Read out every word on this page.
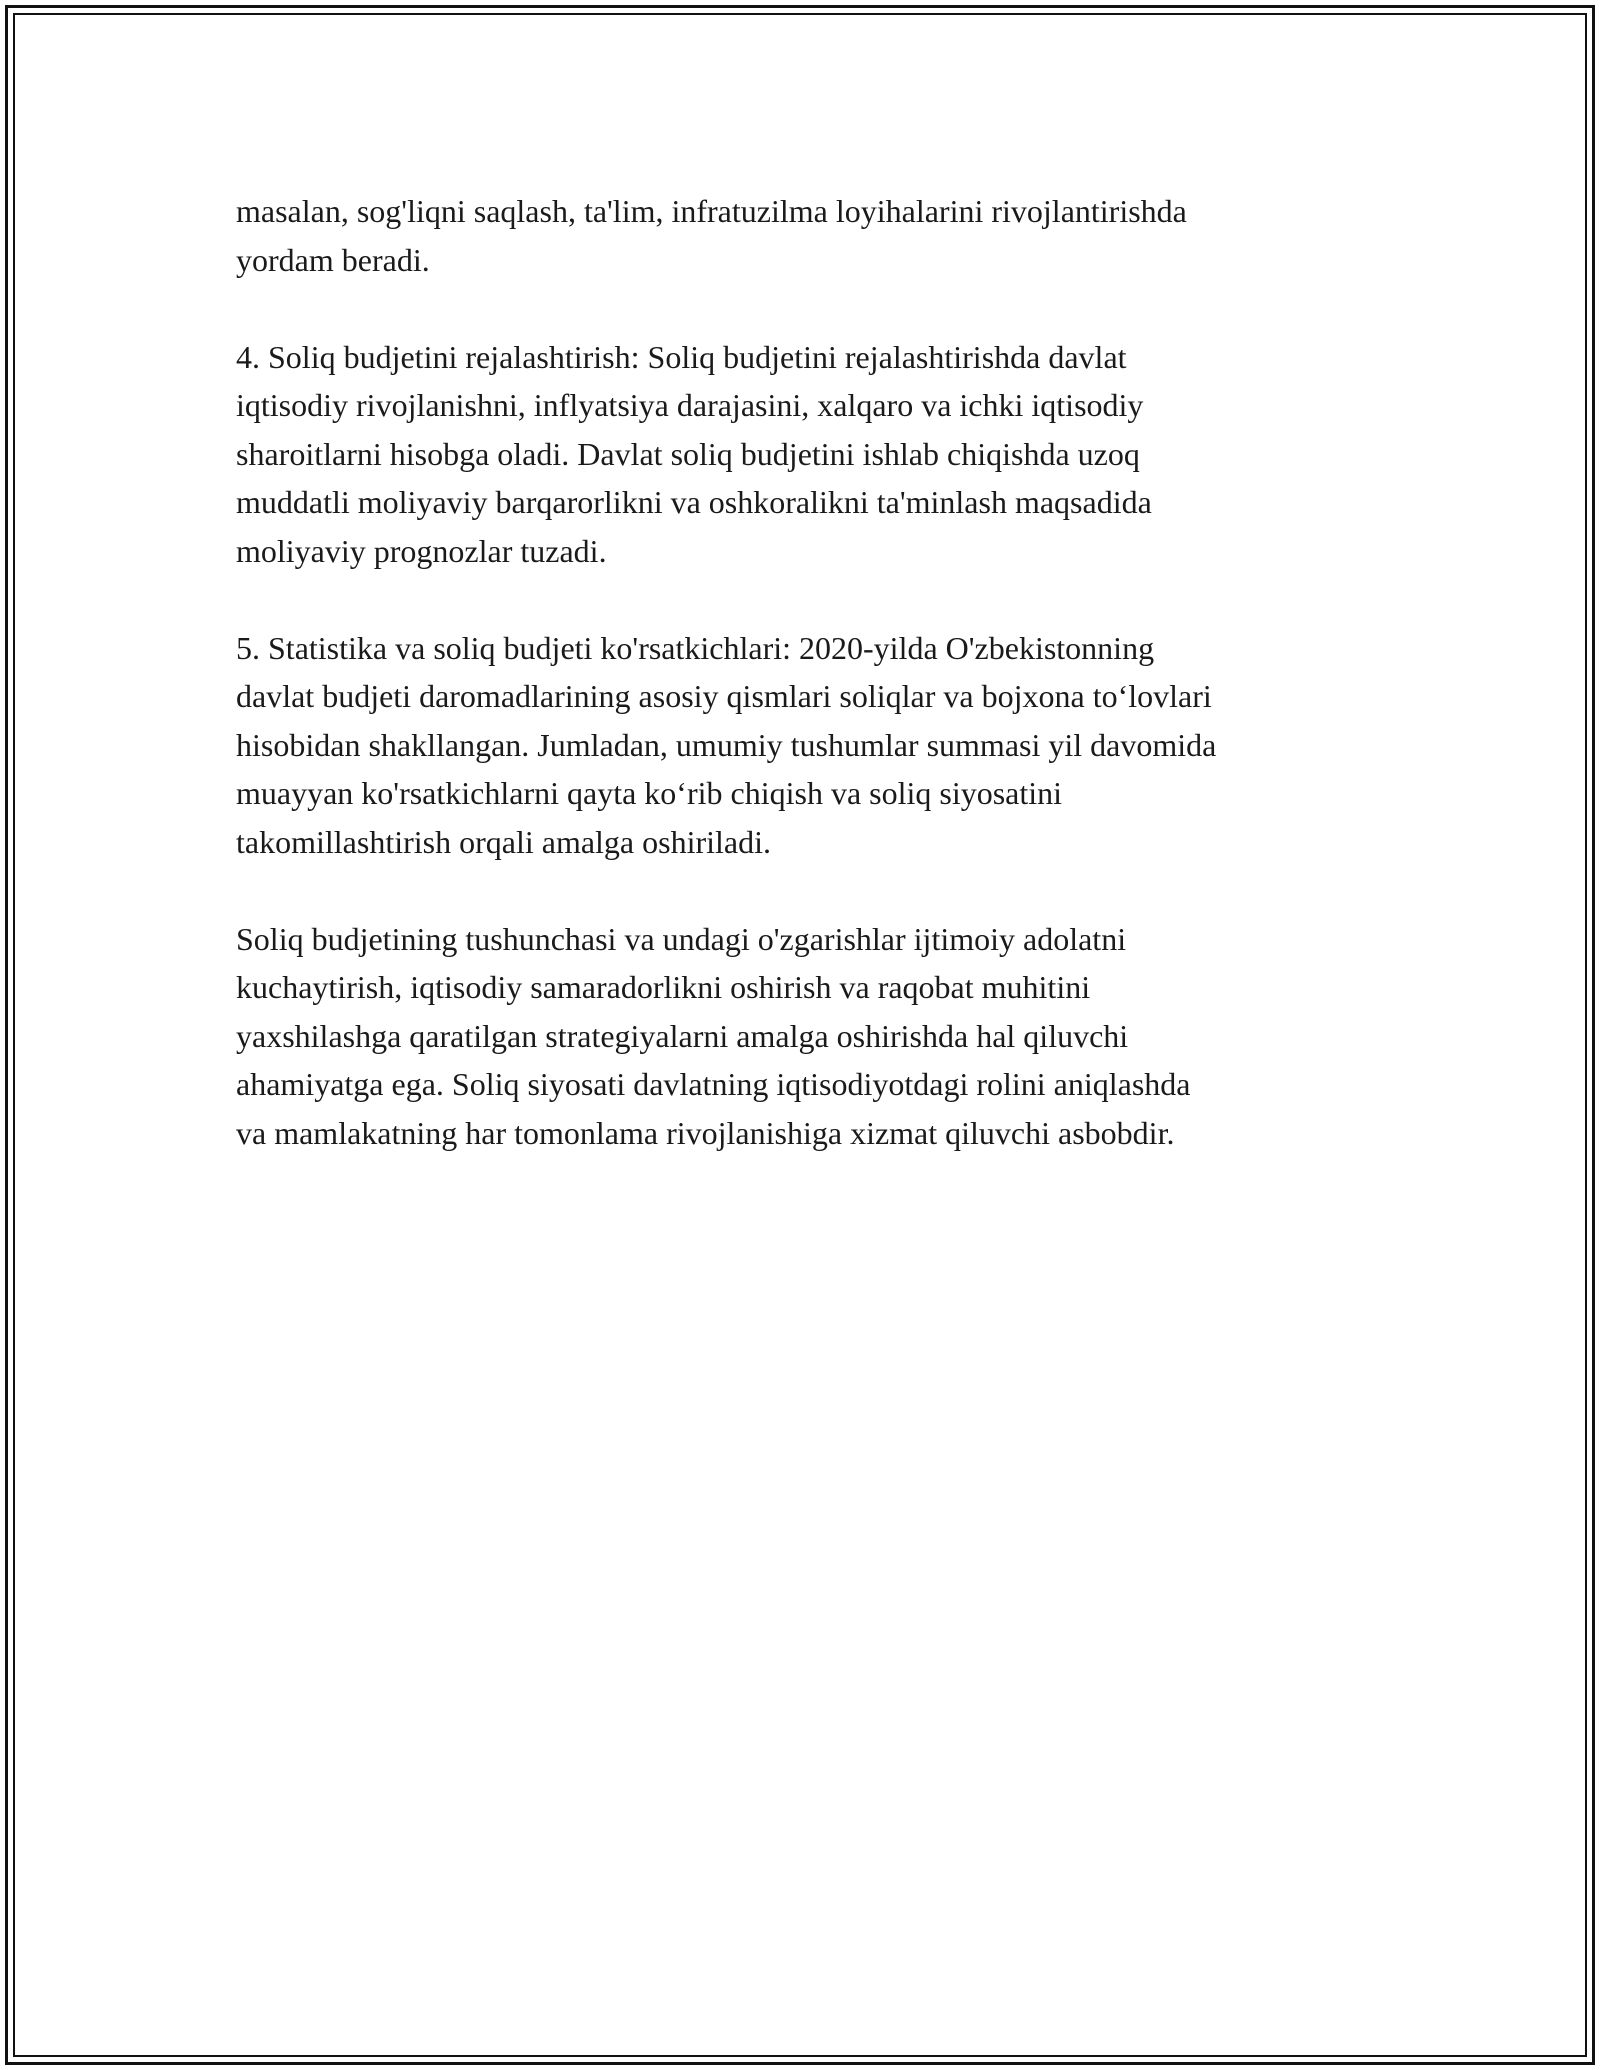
masalan, sog'liqni saqlash, ta'lim, infratuzilma loyihalarini rivojlantirishda
yordam beradi.

4. Soliq budjetini rejalashtirish: Soliq budjetini rejalashtirishda davlat
iqtisodiy rivojlanishni, inflyatsiya darajasini, xalqaro va ichki iqtisodiy
sharoitlarni hisobga oladi. Davlat soliq budjetini ishlab chiqishda uzoq
muddatli moliyaviy barqarorlikni va oshkoralikni ta'minlash maqsadida
moliyaviy prognozlar tuzadi.

5. Statistika va soliq budjeti ko'rsatkichlari: 2020-yilda O'zbekistonning
davlat budjeti daromadlarining asosiy qismlari soliqlar va bojxona to‘lovlari
hisobidan shakllangan. Jumladan, umumiy tushumlar summasi yil davomida
muayyan ko'rsatkichlarni qayta ko‘rib chiqish va soliq siyosatini
takomillashtirish orqali amalga oshiriladi.

Soliq budjetining tushunchasi va undagi o'zgarishlar ijtimoiy adolatni
kuchaytirish, iqtisodiy samaradorlikni oshirish va raqobat muhitini
yaxshilashga qaratilgan strategiyalarni amalga oshirishda hal qiluvchi
ahamiyatga ega. Soliq siyosati davlatning iqtisodiyotdagi rolini aniqlashda
va mamlakatning har tomonlama rivojlanishiga xizmat qiluvchi asbobdir.
